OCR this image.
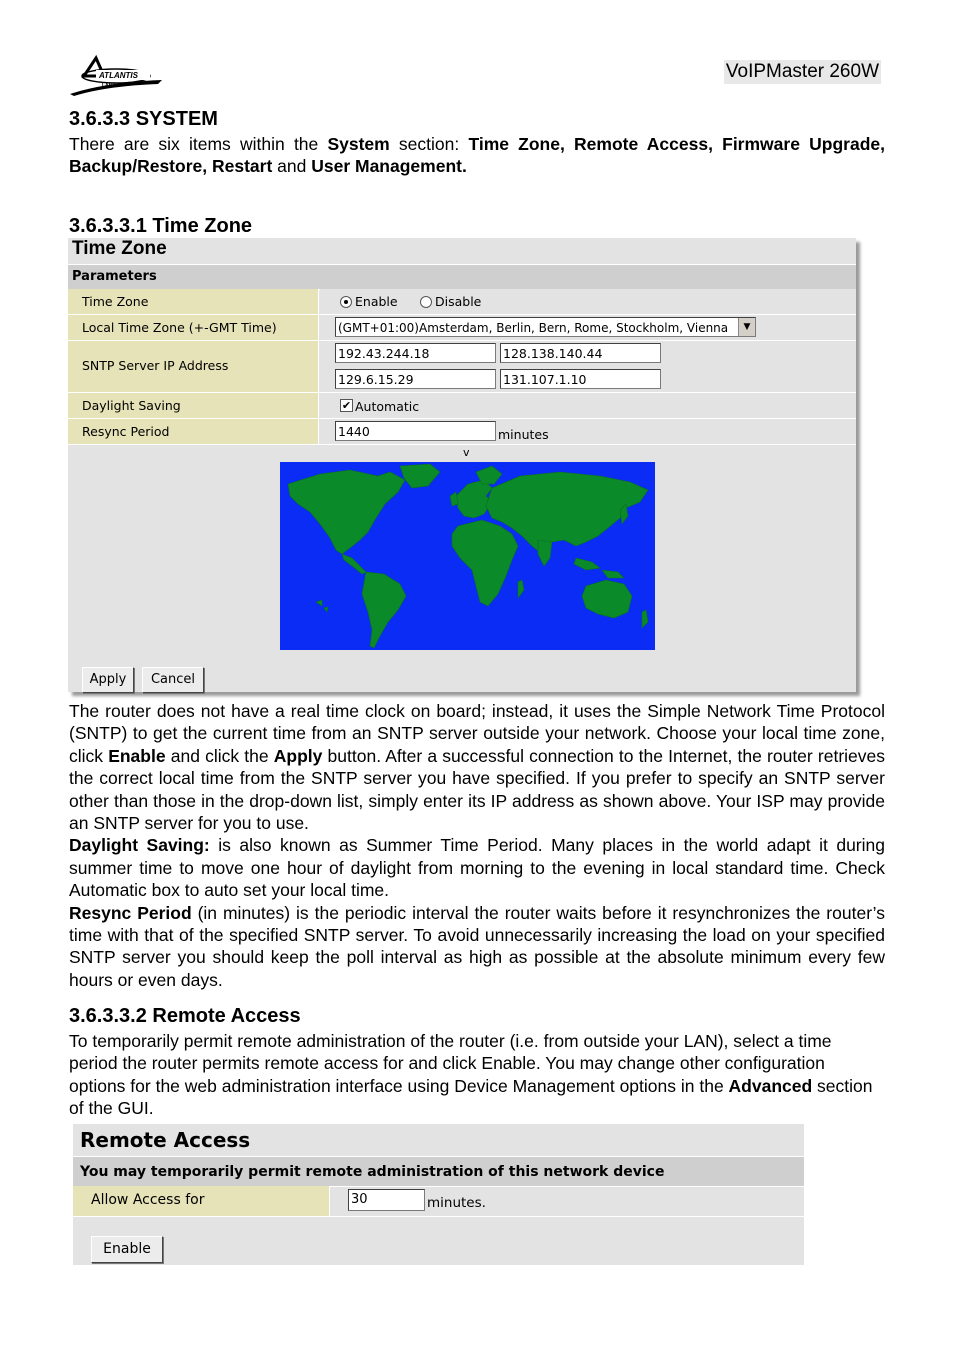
ATLANTIS
LAND
VoIPMaster 260W
3.6.3.3 SYSTEM

There are six items within the System section: Time Zone, Remote Access, Firmware Upgrade, Backup/Restore, Restart and User Management.

3.6.3.3.1 Time Zone
Time Zone
Parameters
Time Zone	Enable	Disable
Local Time Zone (+-GMT Time)	(GMT+01:00)Amsterdam, Berlin, Bern, Rome, Stockholm, Vienna	▼
SNTP Server IP Address
192.43.244.18	128.138.140.44
129.6.15.29	131.107.1.10
Daylight Saving	✔ Automatic
Resync Period	1440	minutes
v
Apply	Cancel

The router does not have a real time clock on board; instead, it uses the Simple Network Time Protocol (SNTP) to get the current time from an SNTP server outside your network. Choose your local time zone, click Enable and click the Apply button. After a successful connection to the Internet, the router retrieves the correct local time from the SNTP server you have specified. If you prefer to specify an SNTP server other than those in the drop-down list, simply enter its IP address as shown above. Your ISP may provide an SNTP server for you to use.
Daylight Saving: is also known as Summer Time Period. Many places in the world adapt it during summer time to move one hour of daylight from morning to the evening in local standard time. Check Automatic box to auto set your local time.
Resync Period (in minutes) is the periodic interval the router waits before it resynchronizes the router’s time with that of the specified SNTP server. To avoid unnecessarily increasing the load on your specified SNTP server you should keep the poll interval as high as possible at the absolute minimum every few hours or even days.

3.6.3.3.2 Remote Access

To temporarily permit remote administration of the router (i.e. from outside your LAN), select a time period the router permits remote access for and click Enable. You may change other configuration options for the web administration interface using Device Management options in the Advanced section of the GUI.

Remote Access
You may temporarily permit remote administration of this network device
Allow Access for	30	minutes.
Enable
